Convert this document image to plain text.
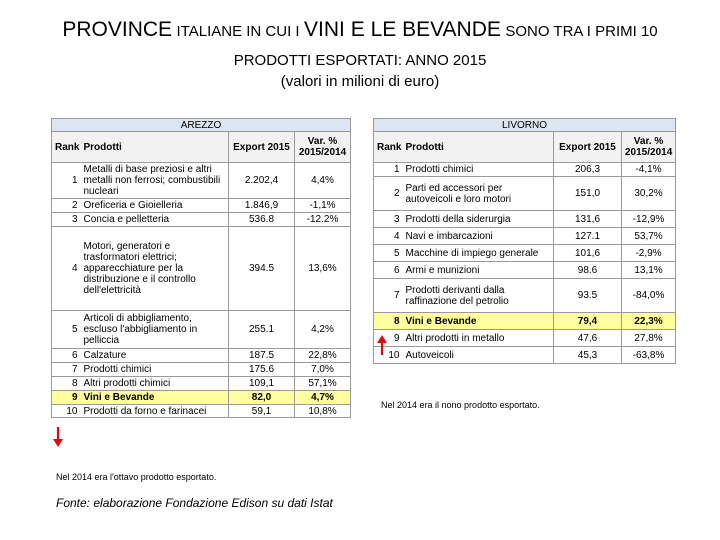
PROVINCE ITALIANE IN CUI I VINI E LE BEVANDE SONO TRA I PRIMI 10
PRODOTTI ESPORTATI: ANNO 2015
(valori in milioni di euro)
AREZZO			
Rank	Prodotti	Export 2015	Var. % 2015/2014
1	Metalli di base preziosi e altri metalli non ferrosi; combustibili nucleari	2.202,4	4,4%
2	Oreficeria e Gioielleria	1.846,9	-1,1%
3	Concia e pelletteria	536.8	-12.2%
4	Motori, generatori e trasformatori elettrici; apparecchiature per la distribuzione e il controllo dell'elettricità	394.5	13,6%
5	Articoli di abbigliamento, escluso l'abbigliamento in pelliccia	255.1	4,2%
6	Calzature	187.5	22,8%
7	Prodotti chimici	175.6	7,0%
8	Altri prodotti chimici	109,1	57,1%
9	Vini e Bevande	82,0	4,7%
10	Prodotti da forno e farinacei	59,1	10,8%
LIVORNO			
Rank	Prodotti	Export 2015	Var. % 2015/2014
1	Prodotti chimici	206,3	-4,1%
2	Parti ed accessori per autoveicoli e loro motori	151,0	30,2%
3	Prodotti della siderurgia	131,6	-12,9%
4	Navi e imbarcazioni	127.1	53,7%
5	Macchine di impiego generale	101,6	-2,9%
6	Armi e munizioni	98.6	13,1%
7	Prodotti derivanti dalla raffinazione del petrolio	93.5	-84,0%
8	Vini e Bevande	79,4	22,3%
9	Altri prodotti in metallo	47,6	27,8%
10	Autoveicoli	45,3	-63,8%
Nel 2014 era il nono prodotto esportato.
Nel 2014 era l'ottavo prodotto esportato.
Fonte: elaborazione Fondazione Edison su dati Istat
